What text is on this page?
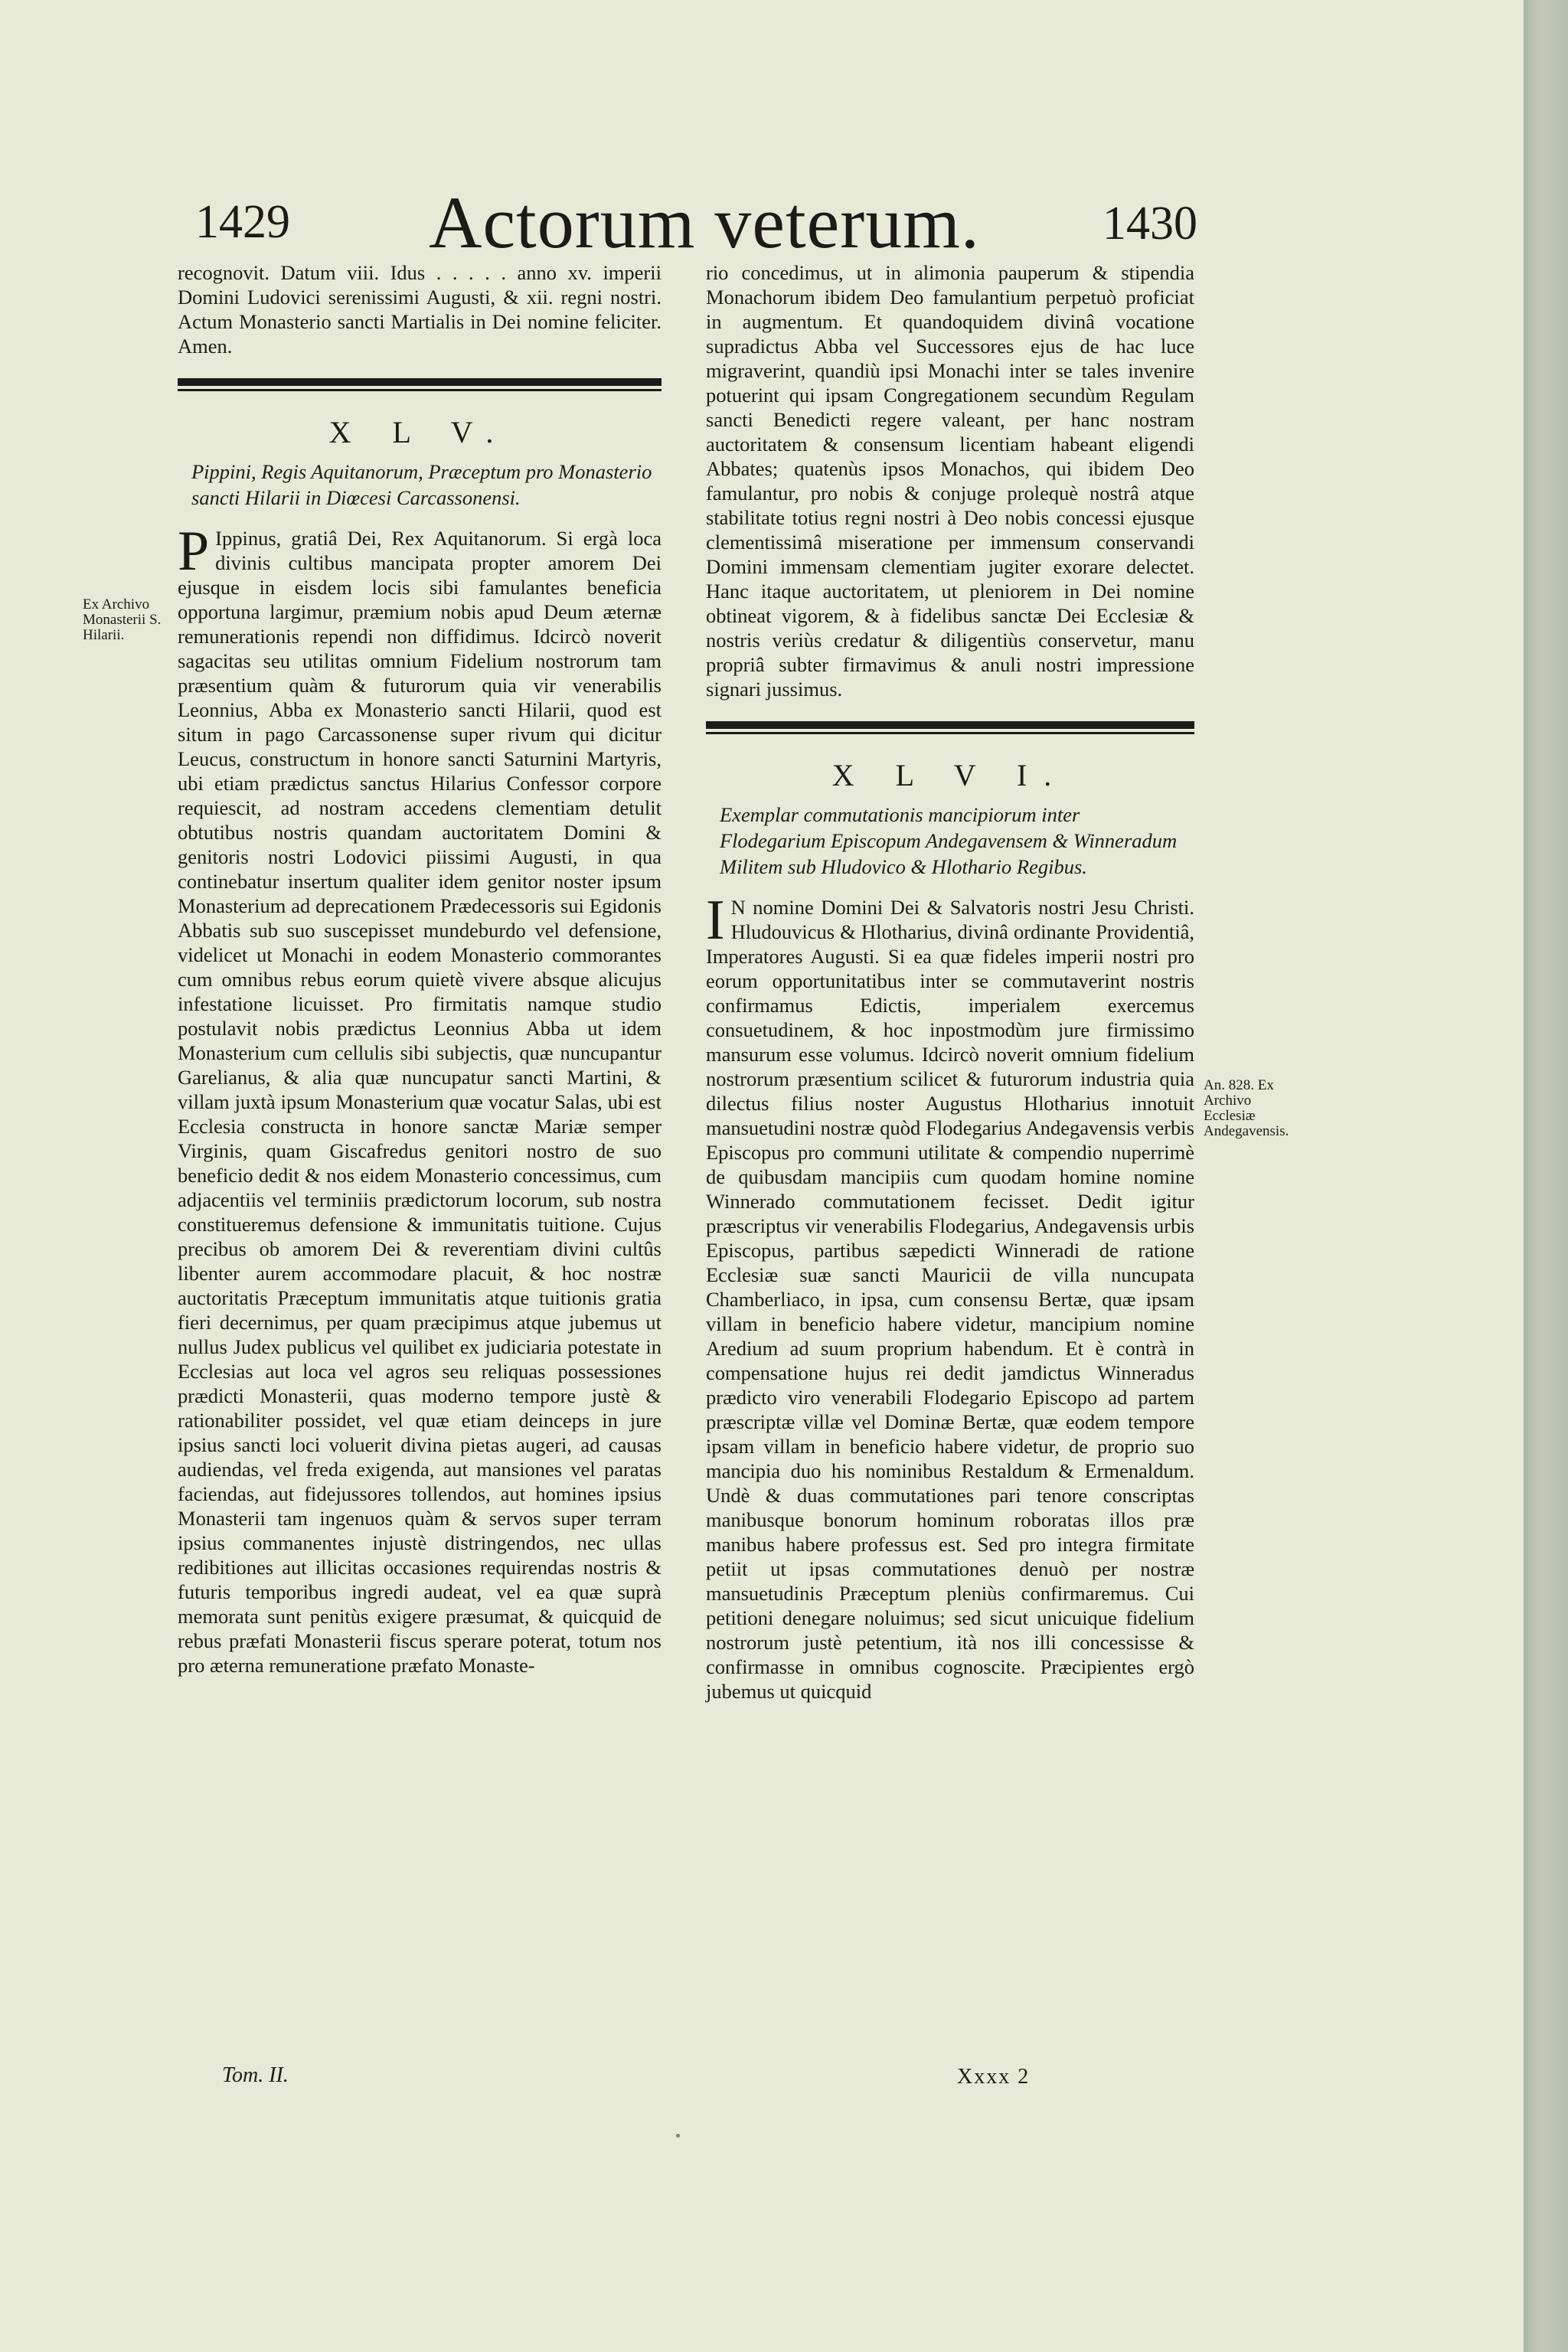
1429 Actorum veterum.	1430

recognovit. Datum viii. Idus . . . . . anno xv. imperii Domini Ludovici serenissimi Augusti, & xii. regni nostri. Actum Monasterio sancti Martialis in Dei nomine feliciter. Amen.

X L V.
Pippini, Regis Aquitanorum, Præceptum pro Monasterio sancti Hilarii in Diœcesi Carcassonensi.
P Ippinus, gratiâ Dei, Rex Aquitanorum. Si ergà loca divinis cultibus mancipata propter amorem Dei ejusque in eisdem locis sibi famulantes beneficia opportuna largimur, præmium nobis apud Deum æternæ remunerationis rependi non diffidimus. Idcircò noverit sagacitas seu utilitas omnium Fidelium nostrorum tam præsentium quàm & futurorum quia vir venerabilis Leonnius, Abba ex Monasterio sancti Hilarii, quod est situm in pago Carcassonense super rivum qui dicitur Leucus, constructum in honore sancti Saturnini Martyris, ubi etiam prædictus sanctus Hilarius Confessor corpore requiescit, ad nostram accedens clementiam detulit obtutibus nostris quandam auctoritatem Domini & genitoris nostri Lodovici piissimi Augusti, in qua continebatur insertum qualiter idem genitor noster ipsum Monasterium ad deprecationem Prædecessoris sui Egidonis Abbatis sub suo suscepisset mundeburdo vel defensione, videlicet ut Monachi in eodem Monasterio commorantes cum omnibus rebus eorum quietè vivere absque alicujus infestatione licuisset. Pro firmitatis namque studio postulavit nobis prædictus Leonnius Abba ut idem Monasterium cum cellulis sibi subjectis, quæ nuncupantur Garelianus, & alia quæ nuncupatur sancti Martini, & villam juxtà ipsum Monasterium quæ vocatur Salas, ubi est Ecclesia constructa in honore sanctæ Mariæ semper Virginis, quam Giscafredus genitori nostro de suo beneficio dedit & nos eidem Monasterio concessimus, cum adjacentiis vel terminiis prædictorum locorum, sub nostra constitueremus defensione & immunitatis tuitione. Cujus precibus ob amorem Dei & reverentiam divini cultûs libenter aurem accommodare placuit, & hoc nostræ auctoritatis Præceptum immunitatis atque tuitionis gratia fieri decernimus, per quam præcipimus atque jubemus ut nullus Judex publicus vel quilibet ex judiciaria potestate in Ecclesias aut loca vel agros seu reliquas possessiones prædicti Monasterii, quas moderno tempore justè & rationabiliter possidet, vel quæ etiam deinceps in jure ipsius sancti loci voluerit divina pietas augeri, ad causas audiendas, vel freda exigenda, aut mansiones vel paratas faciendas, aut fidejussores tollendos, aut homines ipsius Monasterii tam ingenuos quàm & servos super terram ipsius commanentes injustè distringendos, nec ullas redibitiones aut illicitas occasiones requirendas nostris & futuris temporibus ingredi audeat, vel ea quæ suprà memorata sunt penitùs exigere præsumat, & quicquid de rebus præfati Monasterii fiscus sperare poterat, totum nos pro æterna remuneratione præfato Monaste-
Ex Archivo Monasterii S. Hilarii.

rio concedimus, ut in alimonia pauperum & stipendia Monachorum ibidem Deo famulantium perpetuò proficiat in augmentum. Et quandoquidem divinâ vocatione supradictus Abba vel Successores ejus de hac luce migraverint, quandiù ipsi Monachi inter se tales invenire potuerint qui ipsam Congregationem secundùm Regulam sancti Benedicti regere valeant, per hanc nostram auctoritatem & consensum licentiam habeant eligendi Abbates; quatenùs ipsos Monachos, qui ibidem Deo famulantur, pro nobis & conjuge prolequè nostrâ atque stabilitate totius regni nostri à Deo nobis concessi ejusque clementissimâ miseratione per immensum conservandi Domini immensam clementiam jugiter exorare delectet. Hanc itaque auctoritatem, ut pleniorem in Dei nomine obtineat vigorem, & à fidelibus sanctæ Dei Ecclesiæ & nostris veriùs credatur & diligentiùs conservetur, manu propriâ subter firmavimus & anuli nostri impressione signari jussimus.

X L V I.
Exemplar commutationis mancipiorum inter Flodegarium Episcopum Andegavensem & Winneradum Militem sub Hludovico & Hlothario Regibus.
I N nomine Domini Dei & Salvatoris nostri Jesu Christi. Hludouvicus & Hlotharius, divinâ ordinante Providentiâ, Imperatores Augusti. Si ea quæ fideles imperii nostri pro eorum opportunitatibus inter se commutaverint nostris confirmamus Edictis, imperialem exercemus consuetudinem, & hoc inpostmodùm jure firmissimo mansurum esse volumus. Idcircò noverit omnium fidelium nostrorum præsentium scilicet & futurorum industria quia dilectus filius noster Augustus Hlotharius innotuit mansuetudini nostræ quòd Flodegarius Andegavensis verbis Episcopus pro communi utilitate & compendio nuperrimè de quibusdam mancipiis cum quodam homine nomine Winnerado commutationem fecisset. Dedit igitur præscriptus vir venerabilis Flodegarius, Andegavensis urbis Episcopus, partibus sæpedicti Winneradi de ratione Ecclesiæ suæ sancti Mauricii de villa nuncupata Chamberliaco, in ipsa, cum consensu Bertæ, quæ ipsam villam in beneficio habere videtur, mancipium nomine Aredium ad suum proprium habendum. Et è contrà in compensatione hujus rei dedit jamdictus Winneradus prædicto viro venerabili Flodegario Episcopo ad partem præscriptæ villæ vel Dominæ Bertæ, quæ eodem tempore ipsam villam in beneficio habere videtur, de proprio suo mancipia duo his nominibus Restaldum & Ermenaldum. Undè & duas commutationes pari tenore conscriptas manibusque bonorum hominum roboratas illos præ manibus habere professus est. Sed pro integra firmitate petiit ut ipsas commutationes denuò per nostræ mansuetudinis Præceptum pleniùs confirmaremus. Cui petitioni denegare noluimus; sed sicut unicuique fidelium nostrorum justè petentium, ità nos illi concessisse & confirmasse in omnibus cognoscite. Præcipientes ergò jubemus ut quicquid
An. 828. Ex Archivo Ecclesiæ Andegavensis.
Tom. II.	Xxxx 2
